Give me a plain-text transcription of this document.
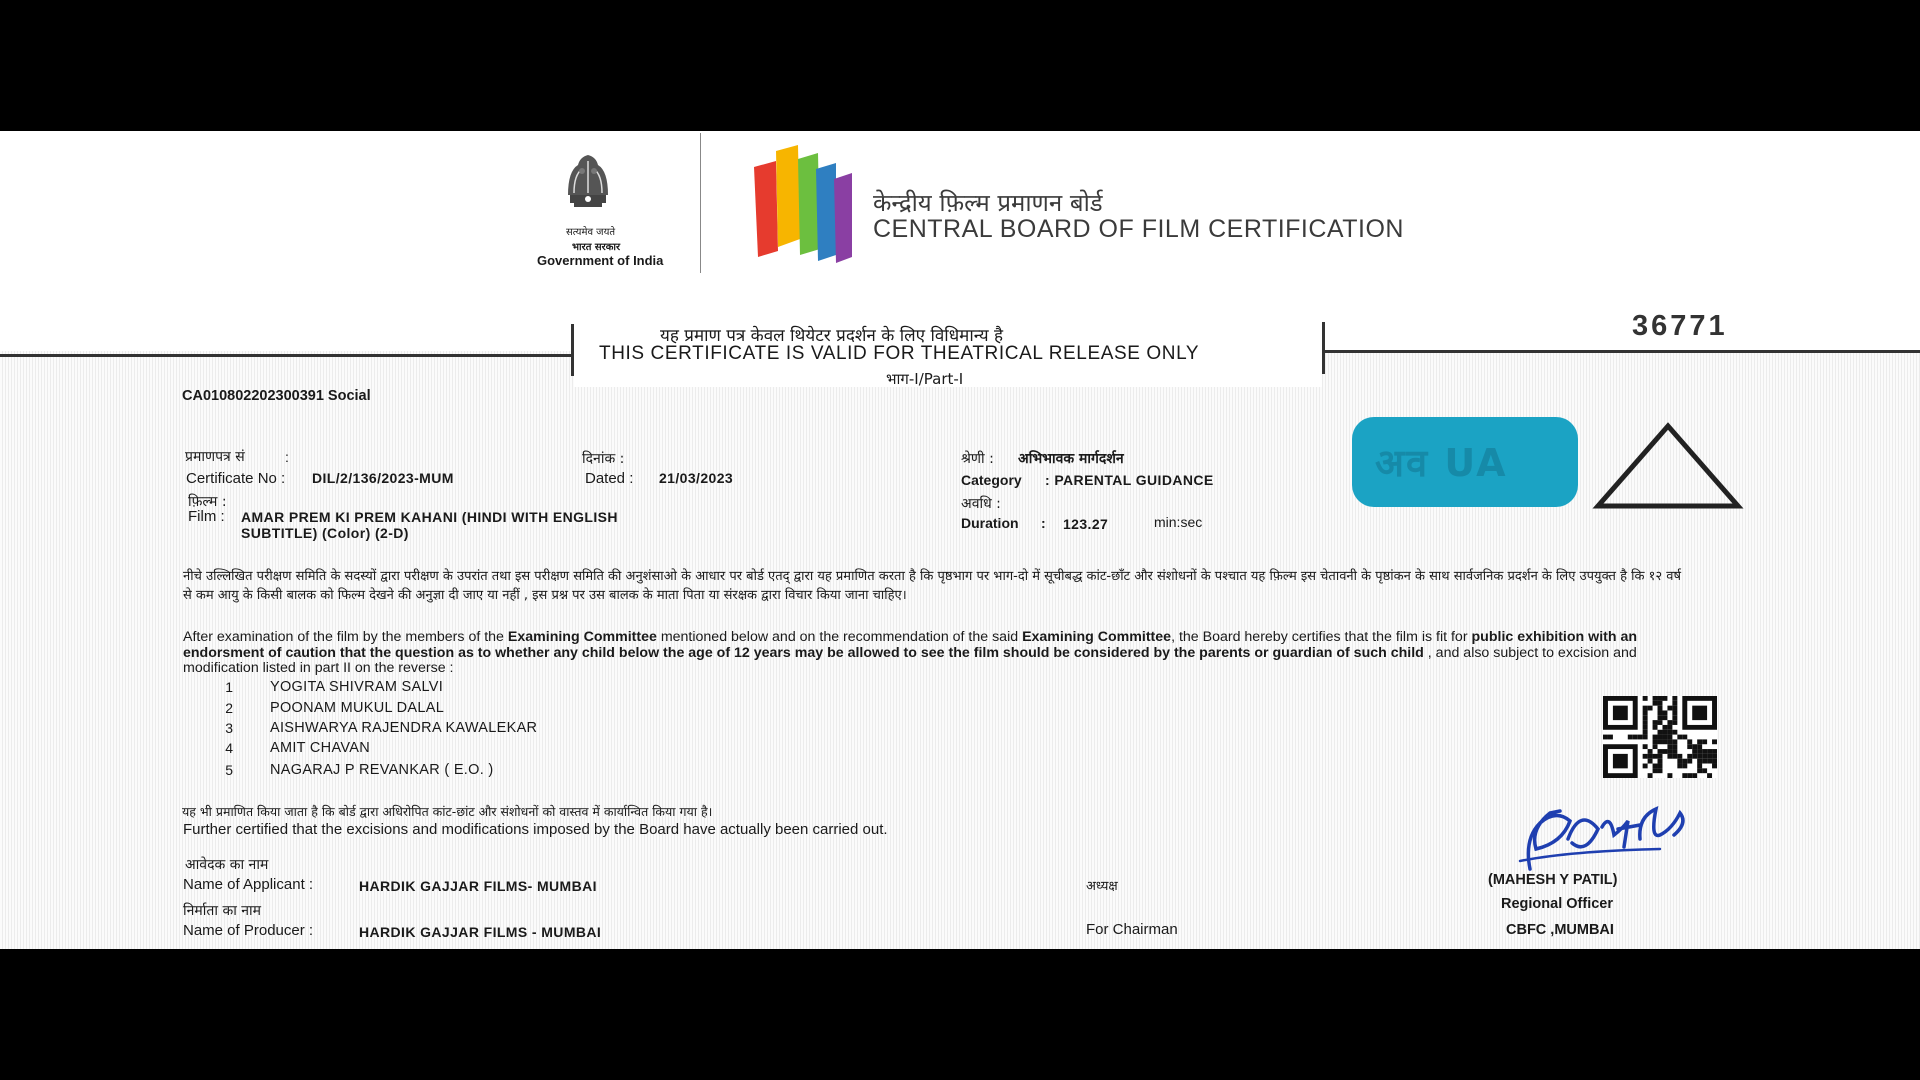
सत्यमेव जयते
भारत सरकार
Government of India
केन्द्रीय फ़िल्म प्रमाणन बोर्ड
CENTRAL BOARD OF FILM CERTIFICATION
यह प्रमाण पत्र केवल थियेटर प्रदर्शन के लिए विधिमान्य है
THIS CERTIFICATE IS VALID FOR THEATRICAL RELEASE ONLY
भाग-I/Part-I
36771
CA010802202300391 Social
प्रमाणपत्र सं	:
Certificate No : DIL/2/136/2023-MUM
दिनांक :
Dated : 21/03/2023
फ़िल्म :
Film : AMAR PREM KI PREM KAHANI (HINDI WITH ENGLISH
SUBTITLE) (Color) (2-D)
श्रेणी : अभिभावक मार्गदर्शन
Category : PARENTAL GUIDANCE
अवधि :
Duration : 123.27	min:sec
अव UA
नीचे उल्लिखित परीक्षण समिति के सदस्यों द्वारा परीक्षण के उपरांत तथा इस परीक्षण समिति की अनुशंसाओ के आधार पर बोर्ड एतद् द्वारा यह प्रमाणित करता है कि पृष्ठभाग पर भाग-दो में सूचीबद्ध कांट-छाँट और संशोधनों के पश्चात यह फ़िल्म इस चेतावनी के पृष्ठांकन के साथ सार्वजनिक प्रदर्शन के लिए उपयुक्त है कि १२ वर्ष से कम आयु के किसी बालक को फिल्म देखने की अनुज्ञा दी जाए या नहीं , इस प्रश्न पर उस बालक के माता पिता या संरक्षक द्वारा विचार किया जाना चाहिए।
After examination of the film by the members of the Examining Committee mentioned below and on the recommendation of the said Examining Committee, the Board hereby certifies that the film is fit for public exhibition with an endorsment of caution that the question as to whether any child below the age of 12 years may be allowed to see the film should be considered by the parents or guardian of such child , and also subject to excision and modification listed in part II on the reverse :
1	YOGITA SHIVRAM SALVI
2	POONAM MUKUL DALAL
3	AISHWARYA RAJENDRA KAWALEKAR
4	AMIT CHAVAN
5	NAGARAJ P REVANKAR ( E.O. )
यह भी प्रमाणित किया जाता है कि बोर्ड द्वारा अधिरोपित कांट-छांट और संशोधनों को वास्तव में कार्यान्वित किया गया है।
Further certified that the excisions and modifications imposed by the Board have actually been carried out.
आवेदक का नाम
Name of Applicant :	HARDIK GAJJAR FILMS- MUMBAI
निर्माता का नाम
Name of Producer :	HARDIK GAJJAR FILMS - MUMBAI
अध्यक्ष
For Chairman
(MAHESH Y PATIL)
Regional Officer
CBFC ,MUMBAI
